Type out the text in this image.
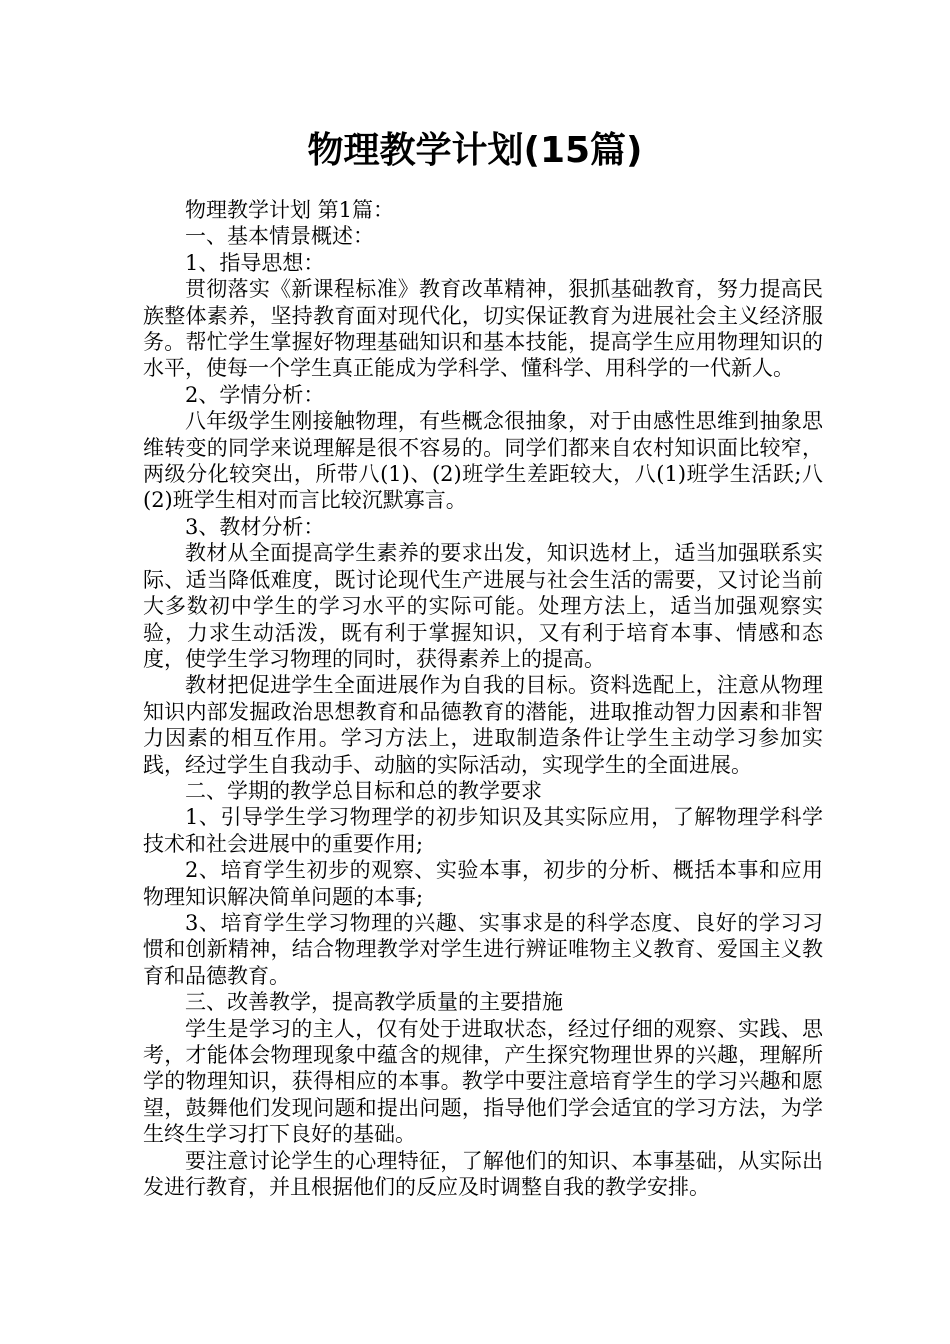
物理教学计划(15篇)

物理教学计划 第1篇：

一、基本情景概述：

1、指导思想：

贯彻落实《新课程标准》教育改革精神，狠抓基础教育，努力提高民族整体素养，坚持教育面对现代化，切实保证教育为进展社会主义经济服务。帮忙学生掌握好物理基础知识和基本技能，提高学生应用物理知识的水平，使每一个学生真正能成为学科学、懂科学、用科学的一代新人。

2、学情分析：

八年级学生刚接触物理，有些概念很抽象，对于由感性思维到抽象思维转变的同学来说理解是很不容易的。同学们都来自农村知识面比较窄，两级分化较突出，所带八(1)、(2)班学生差距较大，八(1)班学生活跃;八(2)班学生相对而言比较沉默寡言。

3、教材分析：

教材从全面提高学生素养的要求出发，知识选材上，适当加强联系实际、适当降低难度，既讨论现代生产进展与社会生活的需要，又讨论当前大多数初中学生的学习水平的实际可能。处理方法上，适当加强观察实验，力求生动活泼，既有利于掌握知识，又有利于培育本事、情感和态度，使学生学习物理的同时，获得素养上的提高。

教材把促进学生全面进展作为自我的目标。资料选配上，注意从物理知识内部发掘政治思想教育和品德教育的潜能，进取推动智力因素和非智力因素的相互作用。学习方法上，进取制造条件让学生主动学习参加实践，经过学生自我动手、动脑的实际活动，实现学生的全面进展。

二、学期的教学总目标和总的教学要求

1、引导学生学习物理学的初步知识及其实际应用，了解物理学科学技术和社会进展中的重要作用;

2、培育学生初步的观察、实验本事，初步的分析、概括本事和应用物理知识解决简单问题的本事;

3、培育学生学习物理的兴趣、实事求是的科学态度、良好的学习习惯和创新精神，结合物理教学对学生进行辨证唯物主义教育、爱国主义教育和品德教育。

三、改善教学，提高教学质量的主要措施

学生是学习的主人，仅有处于进取状态，经过仔细的观察、实践、思考，才能体会物理现象中蕴含的规律，产生探究物理世界的兴趣，理解所学的物理知识，获得相应的本事。教学中要注意培育学生的学习兴趣和愿望，鼓舞他们发现问题和提出问题，指导他们学会适宜的学习方法，为学生终生学习打下良好的基础。

要注意讨论学生的心理特征，了解他们的知识、本事基础，从实际出发进行教育，并且根据他们的反应及时调整自我的教学安排。
